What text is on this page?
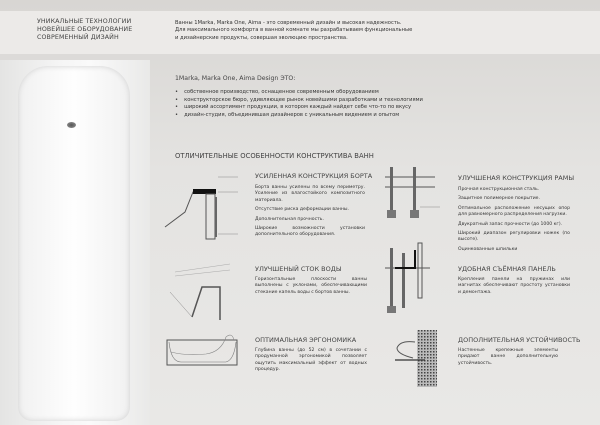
УНИКАЛЬНЫЕ ТЕХНОЛОГИИ
НОВЕЙШЕЕ ОБОРУДОВАНИЕ
СОВРЕМЕННЫЙ ДИЗАЙН
Ванны 1Marka, Marka One, Aima - это современный дизайн и высокая надежность.
Для максимального комфорта в ванной комнате мы разрабатываем функциональные
и дизайнерские продукты, совершая эволюцию пространства.
1Marka, Marka One, Aima Design ЭТО:
• собственное производство, оснащенное современным оборудованием
• конструкторское бюро, удивляющее рынок новейшими разработками и технологиями
• широкий ассортимент продукции, в котором каждый найдет себе что-то по вкусу
• дизайн-студия, объединившая дизайнеров с уникальным видением и опытом
ОТЛИЧИТЕЛЬНЫЕ ОСОБЕННОСТИ КОНСТРУКТИВА ВАНН
УСИЛЕННАЯ КОНСТРУКЦИЯ БОРТА
Борта ванны усилены по всему периметру. Усиление из влагостойкого композитного материала.
Отсутствие риска деформации ванны.
Дополнительная прочность.
Широкие возможности установки дополнительного оборудования.
УЛУЧШЕНАЯ КОНСТРУКЦИЯ РАМЫ
Прочная конструкционная сталь.
Защитное полимерное покрытие.
Оптимальное расположение несущих опор для равномерного распределения нагрузки.
Двукратный запас прочности (до 1000 кг).
Широкий диапазон регулировки ножек (по высоте).
Оцинкованные шпильки
УЛУЧШЕНЫЙ СТОК ВОДЫ
Горизонтальные плоскости ванны выполнены с уклонами, обеспечивающими стекание капель воды с бортов ванны.
УДОБНАЯ СЪЁМНАЯ ПАНЕЛЬ
Крепления панели на пружинах или магнитах обеспечивают простоту установки и демонтажа.
ОПТИМАЛЬНАЯ ЭРГОНОМИКА
Глубина ванны (до 52 см) в сочетании с продуманной эргономикой позволяет ощутить максимальный эффект от водных процедур.
ДОПОЛНИТЕЛЬНАЯ УСТОЙЧИВОСТЬ
Настенные крепежные элементы придают ванне дополнительную устойчивость.
